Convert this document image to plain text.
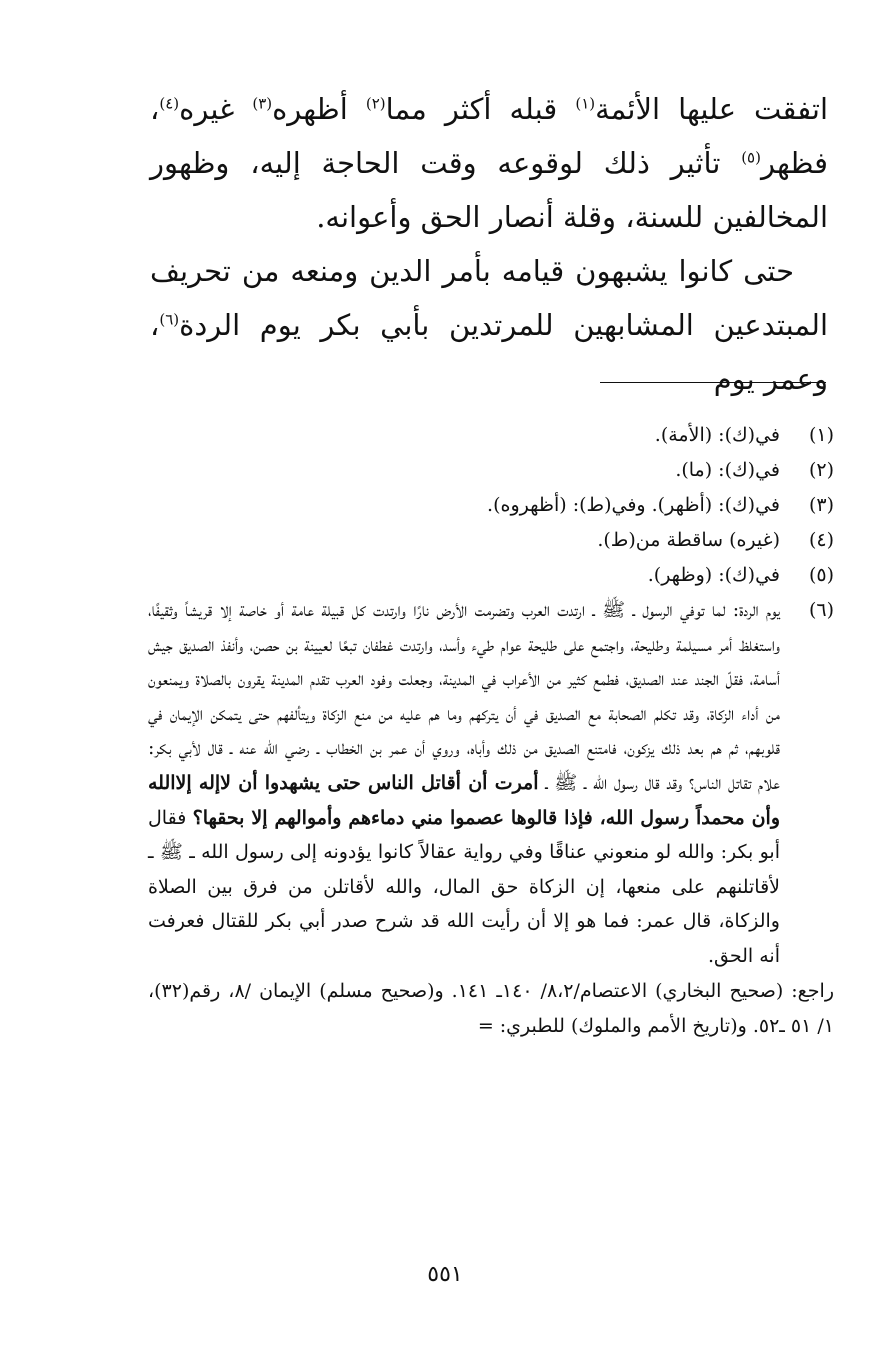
اتفقت عليها الأئمة$^{(١)}$ قبله أكثر مما$^{(٢)}$ أظهره$^{(٣)}$ غيره$^{(٤)}$، فظهر$^{(٥)}$ تأثير ذلك لوقوعه وقت الحاجة إليه، وظهور المخالفين للسنة، وقلة أنصار الحق وأعوانه.

حتى كانوا يشبهون قيامه بأمر الدين ومنعه من تحريف المبتدعين المشابهين للمرتدين بأبي بكر يوم الردة$^{(٦)}$، وعمر يوم

(١)
في(ك): (الأمة).
(٢)
في(ك): (ما).
(٣)
في(ك): (أظهر). وفي(ط): (أظهروه).
(٤)
(غيره) ساقطة من(ط).
(٥)
في(ك): (وظهر).
(٦)
يوم الردة: لما توفي الرسول ـ ﷺ ـ ارتدت العرب وتضرمت الأرض نارًا وارتدت كل قبيلة عامة أو خاصة إلا قريشاً وثقيفًا، واستغلظ أمر مسيلمة وطليحة، واجتمع على طليحة عوام طيء وأسد، وارتدت غطفان تبعًا لعيينة بن حصن، وأنفذ الصديق جيش أسامة، فقلّ الجند عند الصديق، فطمع كثير من الأعراب في المدينة، وجعلت وفود العرب تقدم المدينة يقرون بالصلاة ويمنعون من أداء الزكاة، وقد تكلم الصحابة مع الصديق في أن يتركهم وما هم عليه من منع الزكاة ويتألفهم حتى يتمكن الإيمان في قلوبهم، ثم هم بعد ذلك يزكون، فامتنع الصديق من ذلك وأباه، وروي أن عمر بن الخطاب ـ رضي الله عنه ـ قال لأبي بكر: علام تقاتل الناس؟ وقد قال رسول الله ـ ﷺ ـ أمرت أن أقاتل الناس حتى يشهدوا أن لاإله إلاالله وأن محمداً رسول الله، فإذا قالوها عصموا مني دماءهم وأموالهم إلا بحقها؟ فقال أبو بكر: والله لو منعوني عناقًا وفي رواية عقالاً كانوا يؤدونه إلى رسول الله ـ ﷺ ـ لأقاتلنهم على منعها، إن الزكاة حق المال، والله لأقاتلن من فرق بين الصلاة والزكاة، قال عمر: فما هو إلا أن رأيت الله قد شرح صدر أبي بكر للقتال فعرفت أنه الحق.
راجع: (صحيح البخاري) الاعتصام/٨،٢/ ١٤٠ـ ١٤١. و(صحيح مسلم) الإيمان /٨، رقم(٣٢)، ١/ ٥١ ـ٥٢. و(تاريخ الأمم والملوك) للطبري: =
٥٥١
